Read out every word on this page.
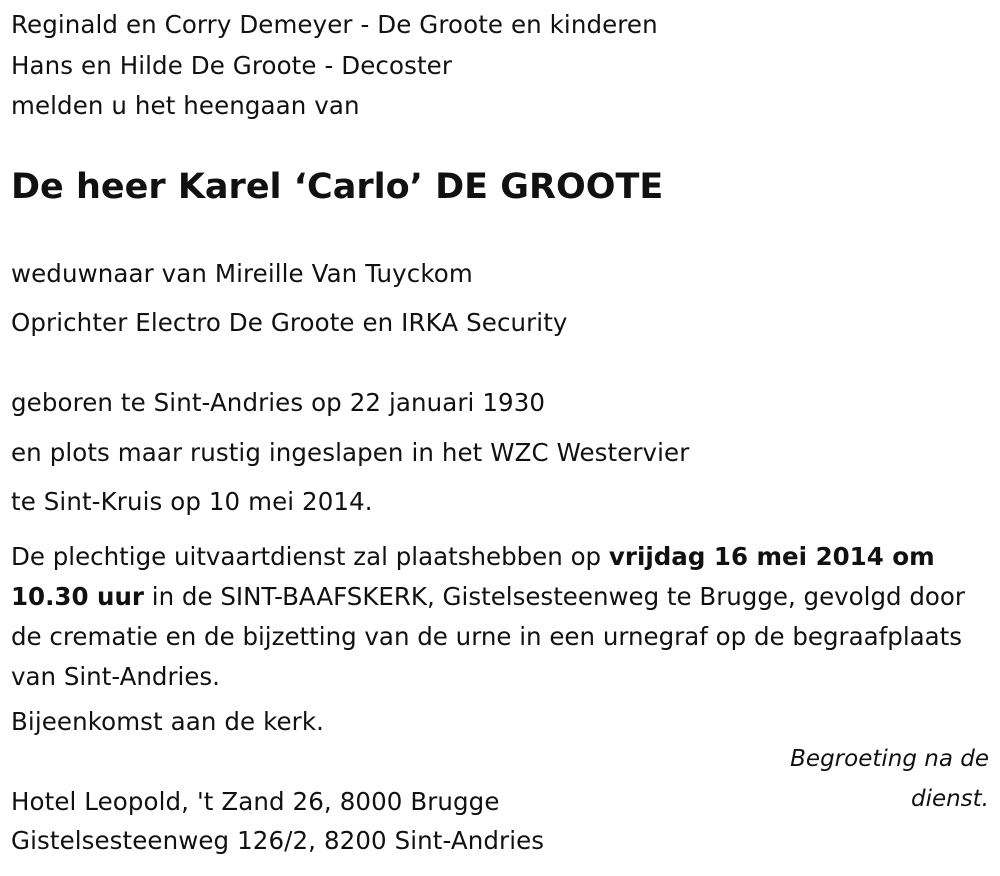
Reginald en Corry Demeyer - De Groote en kinderen
Hans en Hilde De Groote - Decoster
melden u het heengaan van
De heer Karel ‘Carlo’ DE GROOTE
weduwnaar van Mireille Van Tuyckom
Oprichter Electro De Groote en IRKA Security
geboren te Sint-Andries op 22 januari 1930
en plots maar rustig ingeslapen in het WZC Westervier
te Sint-Kruis op 10 mei 2014.
De plechtige uitvaartdienst zal plaatshebben op vrijdag 16 mei 2014 om 10.30 uur in de SINT-BAAFSKERK, Gistelsesteenweg te Brugge, gevolgd door de crematie en de bijzetting van de urne in een urnegraf op de begraafplaats van Sint-Andries.
Bijeenkomst aan de kerk.
Begroeting na de dienst.
Hotel Leopold, 't Zand 26, 8000 Brugge
Gistelsesteenweg 126/2, 8200 Sint-Andries
